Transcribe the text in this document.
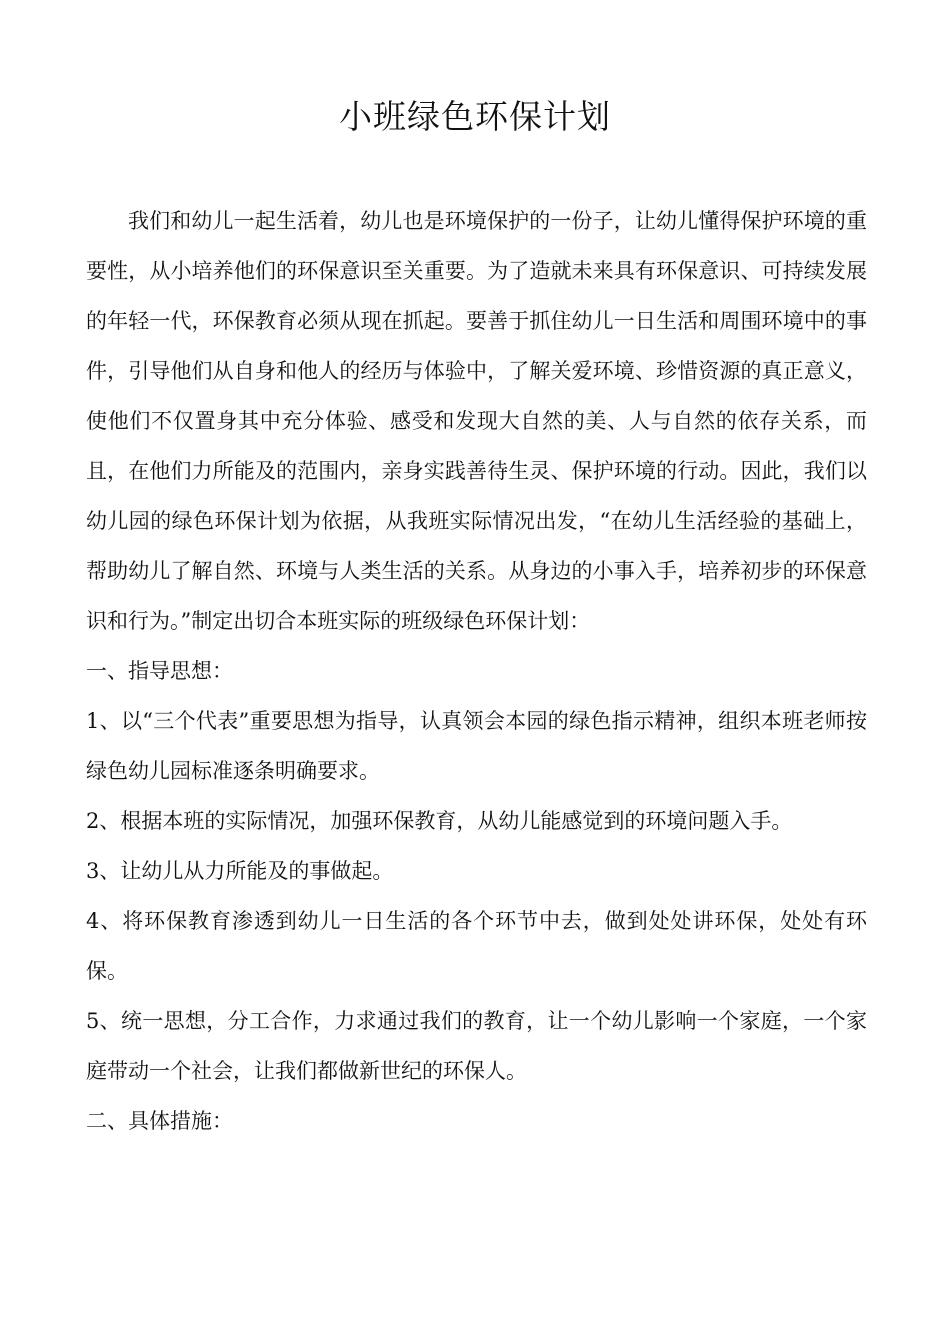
小班绿色环保计划

我们和幼儿一起生活着，幼儿也是环境保护的一份子，让幼儿懂得保护环境的重要性，从小培养他们的环保意识至关重要。为了造就未来具有环保意识、可持续发展的年轻一代，环保教育必须从现在抓起。要善于抓住幼儿一日生活和周围环境中的事件，引导他们从自身和他人的经历与体验中，了解关爱环境、珍惜资源的真正意义，使他们不仅置身其中充分体验、感受和发现大自然的美、人与自然的依存关系，而且，在他们力所能及的范围内，亲身实践善待生灵、保护环境的行动。因此，我们以幼儿园的绿色环保计划为依据，从我班实际情况出发，“在幼儿生活经验的基础上，帮助幼儿了解自然、环境与人类生活的关系。从身边的小事入手，培养初步的环保意识和行为。”制定出切合本班实际的班级绿色环保计划：

一、指导思想：

1、以“三个代表”重要思想为指导，认真领会本园的绿色指示精神，组织本班老师按绿色幼儿园标准逐条明确要求。

2、根据本班的实际情况，加强环保教育，从幼儿能感觉到的环境问题入手。

3、让幼儿从力所能及的事做起。

4、将环保教育渗透到幼儿一日生活的各个环节中去，做到处处讲环保，处处有环保。

5、统一思想，分工合作，力求通过我们的教育，让一个幼儿影响一个家庭，一个家庭带动一个社会，让我们都做新世纪的环保人。

二、具体措施：
